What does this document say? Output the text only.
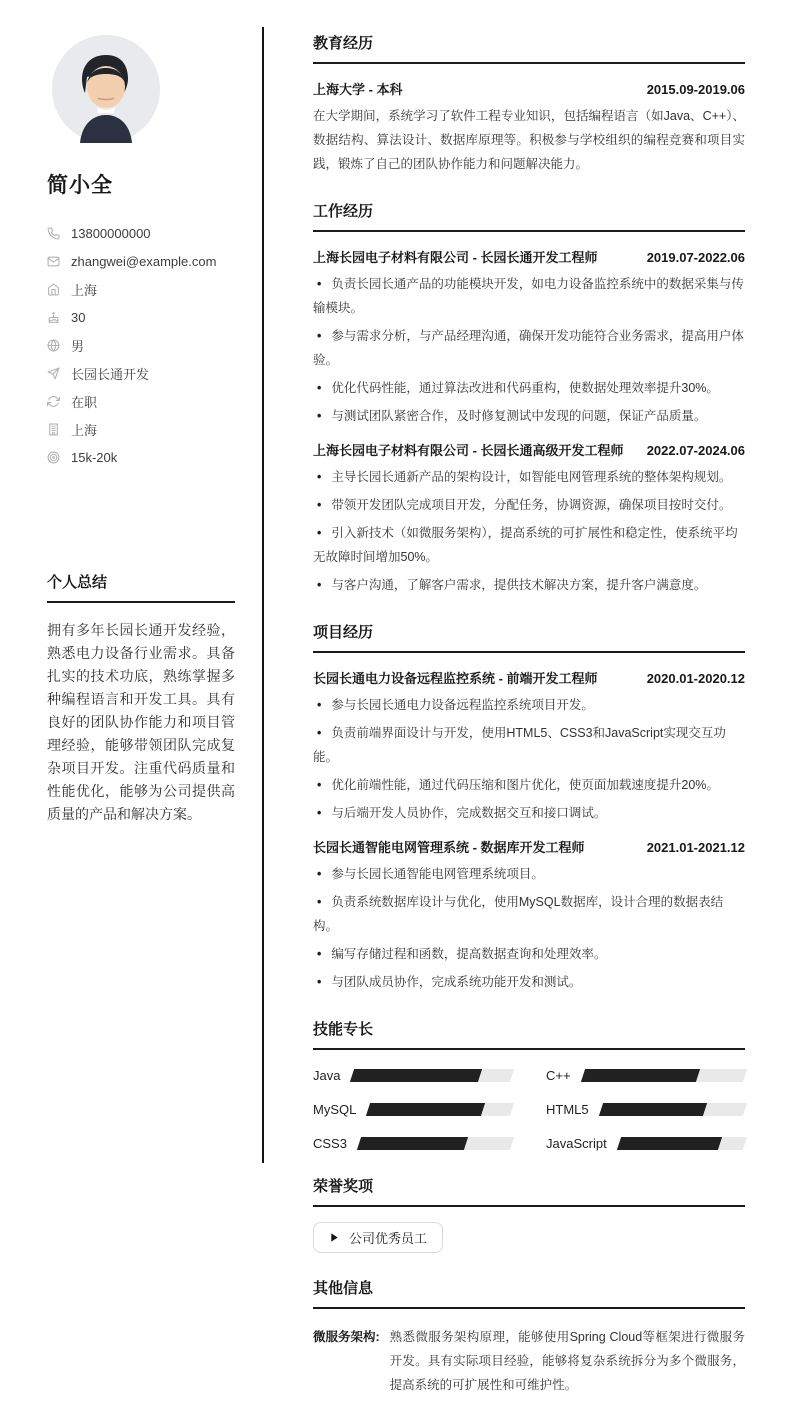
简小全
13800000000
zhangwei@example.com
上海
30
男
长园长通开发
在职
上海
15k-20k
个人总结
拥有多年长园长通开发经验，熟悉电力设备行业需求。具备扎实的技术功底，熟练掌握多种编程语言和开发工具。具有良好的团队协作能力和项目管理经验，能够带领团队完成复杂项目开发。注重代码质量和性能优化，能够为公司提供高质量的产品和解决方案。
教育经历
上海大学 - 本科	2015.09-2019.06
在大学期间，系统学习了软件工程专业知识，包括编程语言（如Java、C++）、数据结构、算法设计、数据库原理等。积极参与学校组织的编程竞赛和项目实践，锻炼了自己的团队协作能力和问题解决能力。
工作经历
上海长园电子材料有限公司 - 长园长通开发工程师	2019.07-2022.06
• 负责长园长通产品的功能模块开发，如电力设备监控系统中的数据采集与传输模块。
• 参与需求分析，与产品经理沟通，确保开发功能符合业务需求，提高用户体验。
• 优化代码性能，通过算法改进和代码重构，使数据处理效率提升30%。
• 与测试团队紧密合作，及时修复测试中发现的问题，保证产品质量。
上海长园电子材料有限公司 - 长园长通高级开发工程师 2022.07-2024.06
• 主导长园长通新产品的架构设计，如智能电网管理系统的整体架构规划。
• 带领开发团队完成项目开发，分配任务，协调资源，确保项目按时交付。
• 引入新技术（如微服务架构），提高系统的可扩展性和稳定性，使系统平均无故障时间增加50%。
• 与客户沟通，了解客户需求，提供技术解决方案，提升客户满意度。
项目经历
长园长通电力设备远程监控系统 - 前端开发工程师	2020.01-2020.12
• 参与长园长通电力设备远程监控系统项目开发。
• 负责前端界面设计与开发，使用HTML5、CSS3和JavaScript实现交互功能。
• 优化前端性能，通过代码压缩和图片优化，使页面加载速度提升20%。
• 与后端开发人员协作，完成数据交互和接口调试。
长园长通智能电网管理系统 - 数据库开发工程师	2021.01-2021.12
• 参与长园长通智能电网管理系统项目。
• 负责系统数据库设计与优化，使用MySQL数据库，设计合理的数据表结构。
• 编写存储过程和函数，提高数据查询和处理效率。
• 与团队成员协作，完成系统功能开发和测试。
技能专长
Java	C++
MySQL	HTML5
CSS3	JavaScript
荣誉奖项
公司优秀员工
其他信息
微服务架构: 熟悉微服务架构原理，能够使用Spring Cloud等框架进行微服务开发。具有实际项目经验，能够将复杂系统拆分为多个微服务，提高系统的可扩展性和可维护性。
